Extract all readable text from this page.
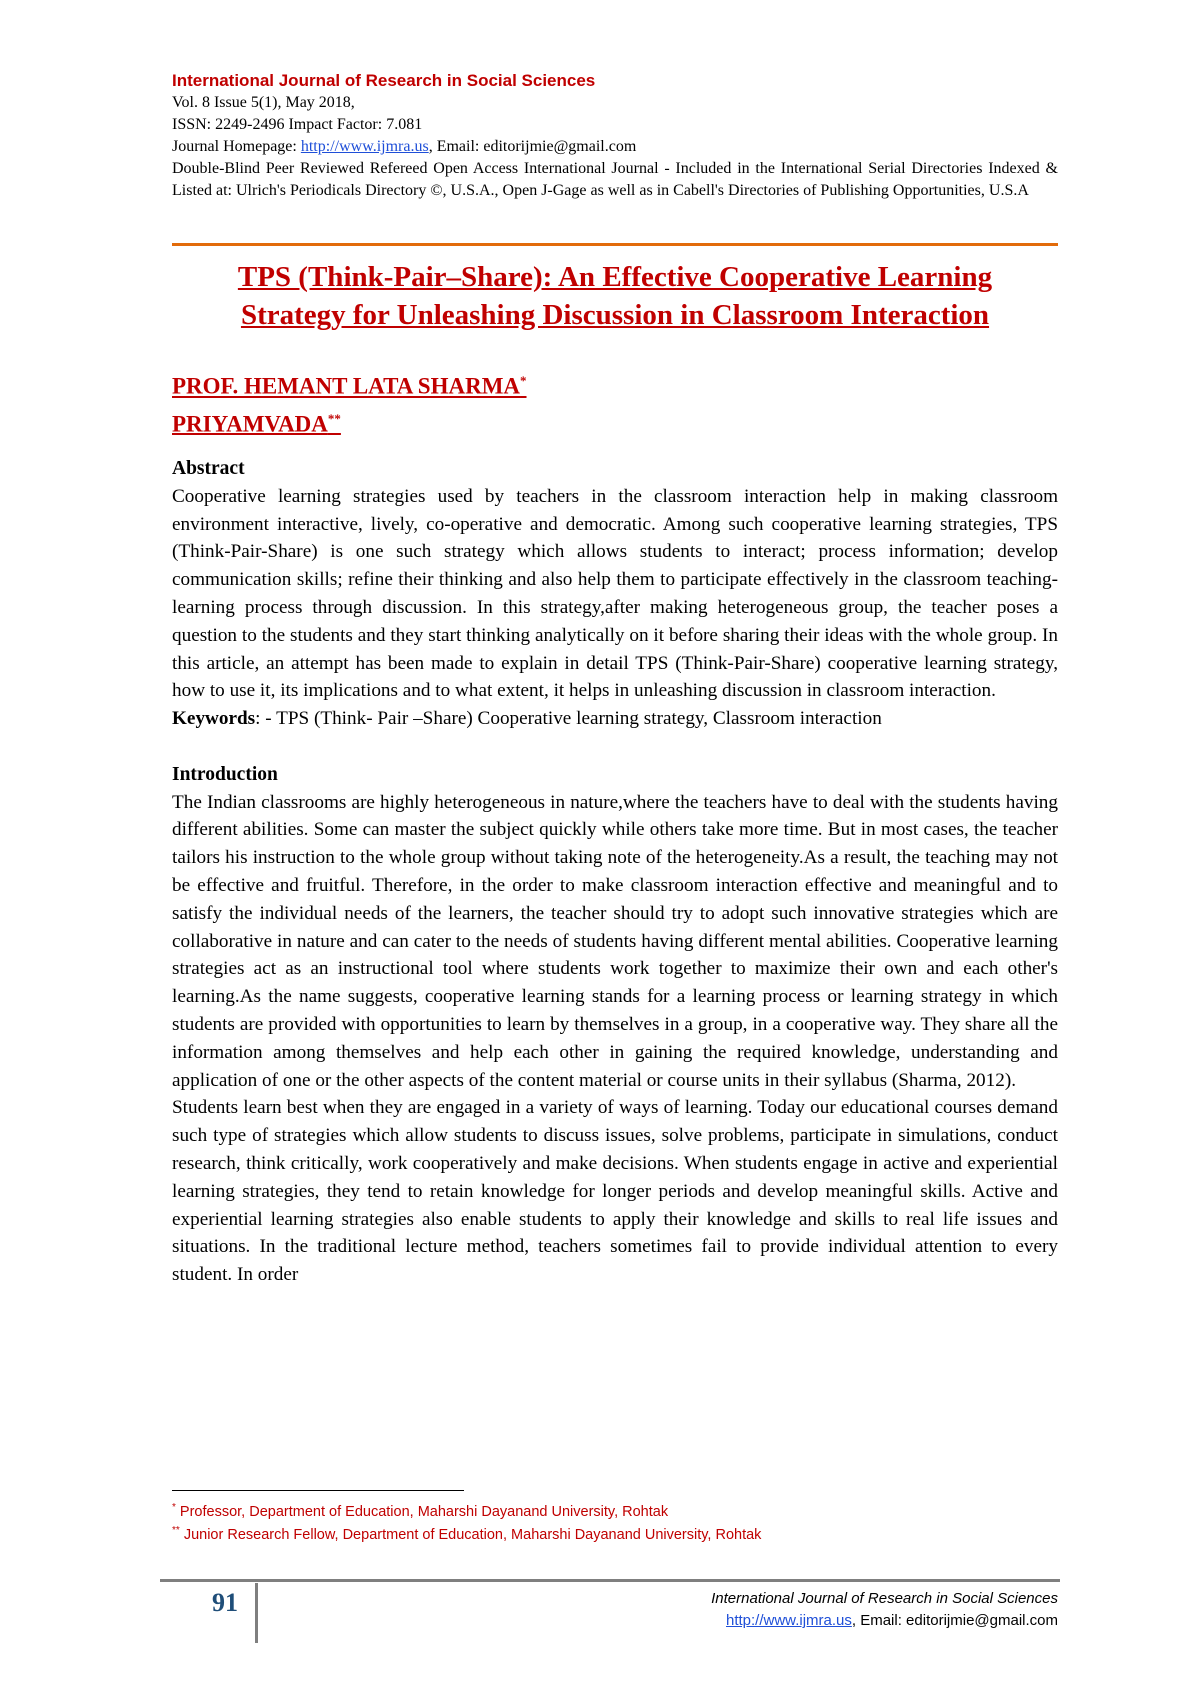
International Journal of Research in Social Sciences
Vol. 8 Issue 5(1), May 2018,
ISSN: 2249-2496 Impact Factor: 7.081
Journal Homepage: http://www.ijmra.us, Email: editorijmie@gmail.com
Double-Blind Peer Reviewed Refereed Open Access International Journal - Included in the International Serial Directories Indexed & Listed at: Ulrich's Periodicals Directory ©, U.S.A., Open J-Gage as well as in Cabell's Directories of Publishing Opportunities, U.S.A
TPS (Think-Pair–Share): An Effective Cooperative Learning
Strategy for Unleashing Discussion in Classroom Interaction
PROF. HEMANT LATA SHARMA*
PRIYAMVADA**
Abstract

Cooperative learning strategies used by teachers in the classroom interaction help in making classroom environment interactive, lively, co-operative and democratic. Among such cooperative learning strategies, TPS (Think-Pair-Share) is one such strategy which allows students to interact; process information; develop communication skills; refine their thinking and also help them to participate effectively in the classroom teaching-learning process through discussion. In this strategy,after making heterogeneous group, the teacher poses a question to the students and they start thinking analytically on it before sharing their ideas with the whole group. In this article, an attempt has been made to explain in detail TPS (Think-Pair-Share) cooperative learning strategy, how to use it, its implications and to what extent, it helps in unleashing discussion in classroom interaction.

Keywords: - TPS (Think- Pair –Share) Cooperative learning strategy, Classroom interaction

Introduction

The Indian classrooms are highly heterogeneous in nature,where the teachers have to deal with the students having different abilities. Some can master the subject quickly while others take more time. But in most cases, the teacher tailors his instruction to the whole group without taking note of the heterogeneity.As a result, the teaching may not be effective and fruitful. Therefore, in the order to make classroom interaction effective and meaningful and to satisfy the individual needs of the learners, the teacher should try to adopt such innovative strategies which are collaborative in nature and can cater to the needs of students having different mental abilities. Cooperative learning strategies act as an instructional tool where students work together to maximize their own and each other's learning.As the name suggests, cooperative learning stands for a learning process or learning strategy in which students are provided with opportunities to learn by themselves in a group, in a cooperative way. They share all the information among themselves and help each other in gaining the required knowledge, understanding and application of one or the other aspects of the content material or course units in their syllabus (Sharma, 2012).

Students learn best when they are engaged in a variety of ways of learning. Today our educational courses demand such type of strategies which allow students to discuss issues, solve problems, participate in simulations, conduct research, think critically, work cooperatively and make decisions. When students engage in active and experiential learning strategies, they tend to retain knowledge for longer periods and develop meaningful skills. Active and experiential learning strategies also enable students to apply their knowledge and skills to real life issues and situations. In the traditional lecture method, teachers sometimes fail to provide individual attention to every student. In order

* Professor, Department of Education, Maharshi Dayanand University, Rohtak
** Junior Research Fellow, Department of Education, Maharshi Dayanand University, Rohtak
91	International Journal of Research in Social Sciences
http://www.ijmra.us, Email: editorijmie@gmail.com
